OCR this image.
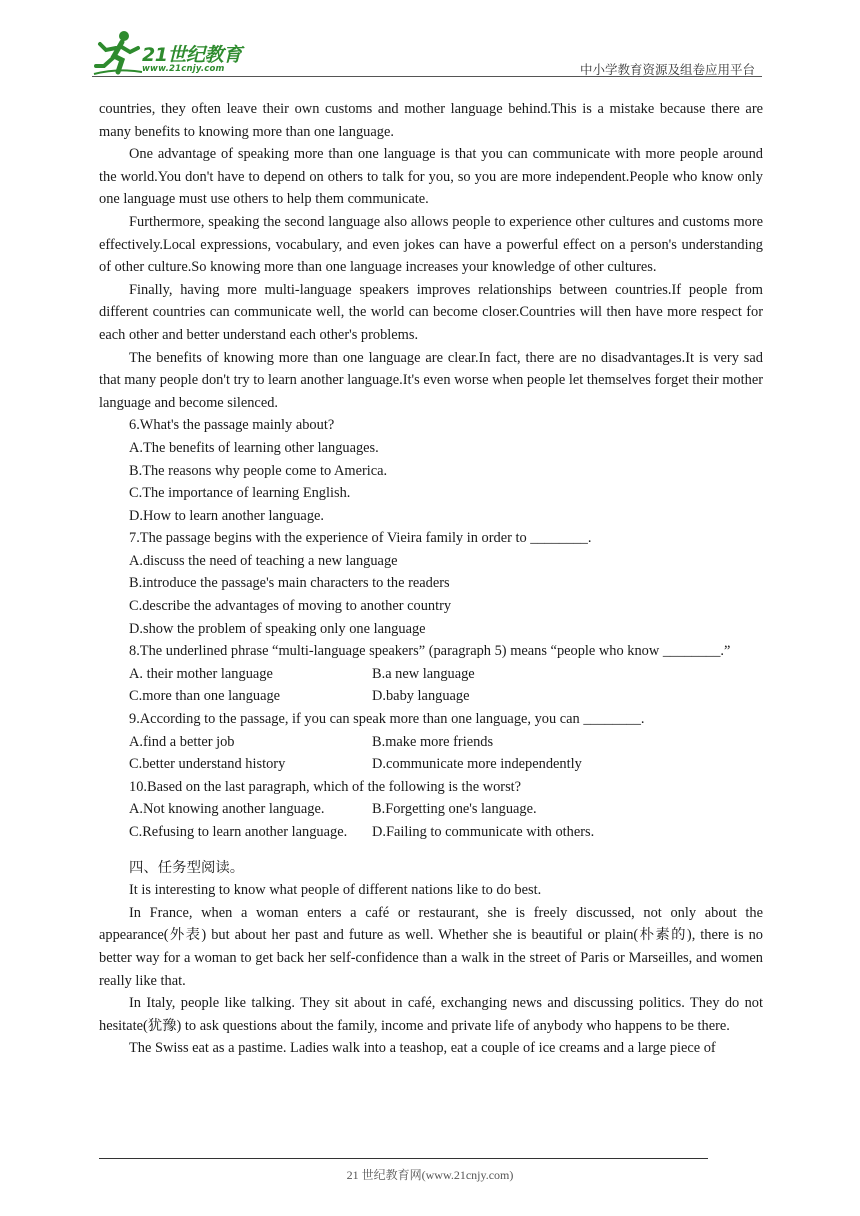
21世纪教育
www.21cnjy.com	中小学教育资源及组卷应用平台

countries, they often leave their own customs and mother language behind.This is a mistake because there are many benefits to knowing more than one language.

One advantage of speaking more than one language is that you can communicate with more people around the world.You don't have to depend on others to talk for you, so you are more independent.People who know only one language must use others to help them communicate.

Furthermore, speaking the second language also allows people to experience other cultures and customs more effectively.Local expressions, vocabulary, and even jokes can have a powerful effect on a person's understanding of other culture.So knowing more than one language increases your knowledge of other cultures.

Finally, having more multi-language speakers improves relationships between countries.If people from different countries can communicate well, the world can become closer.Countries will then have more respect for each other and better understand each other's problems.

The benefits of knowing more than one language are clear.In fact, there are no disadvantages.It is very sad that many people don't try to learn another language.It's even worse when people let themselves forget their mother language and become silenced.

6.What's the passage mainly about?

A.The benefits of learning other languages.

B.The reasons why people come to America.

C.The importance of learning English.

D.How to learn another language.

7.The passage begins with the experience of Vieira family in order to ________.

A.discuss the need of teaching a new language

B.introduce the passage's main characters to the readers

C.describe the advantages of moving to another country

D.show the problem of speaking only one language

8.The underlined phrase “multi-language speakers” (paragraph 5) means “people who know ________.”

A. their mother language	B.a new language
C.more than one language	D.baby language

9.According to the passage, if you can speak more than one language, you can ________.

A.find a better job	B.make more friends
C.better understand history	D.communicate more independently

10.Based on the last paragraph, which of the following is the worst?

A.Not knowing another language.	B.Forgetting one's language.
C.Refusing to learn another language.	D.Failing to communicate with others.

四、任务型阅读。

It is interesting to know what people of different nations like to do best.

In France, when a woman enters a café or restaurant, she is freely discussed, not only about the appearance(外表) but about her past and future as well. Whether she is beautiful or plain(朴素的), there is no better way for a woman to get back her self-confidence than a walk in the street of Paris or Marseilles, and women really like that.

In Italy, people like talking. They sit about in café, exchanging news and discussing politics. They do not hesitate(犹豫) to ask questions about the family, income and private life of anybody who happens to be there.

The Swiss eat as a pastime. Ladies walk into a teashop, eat a couple of ice creams and a large piece of

21 世纪教育网(www.21cnjy.com)
